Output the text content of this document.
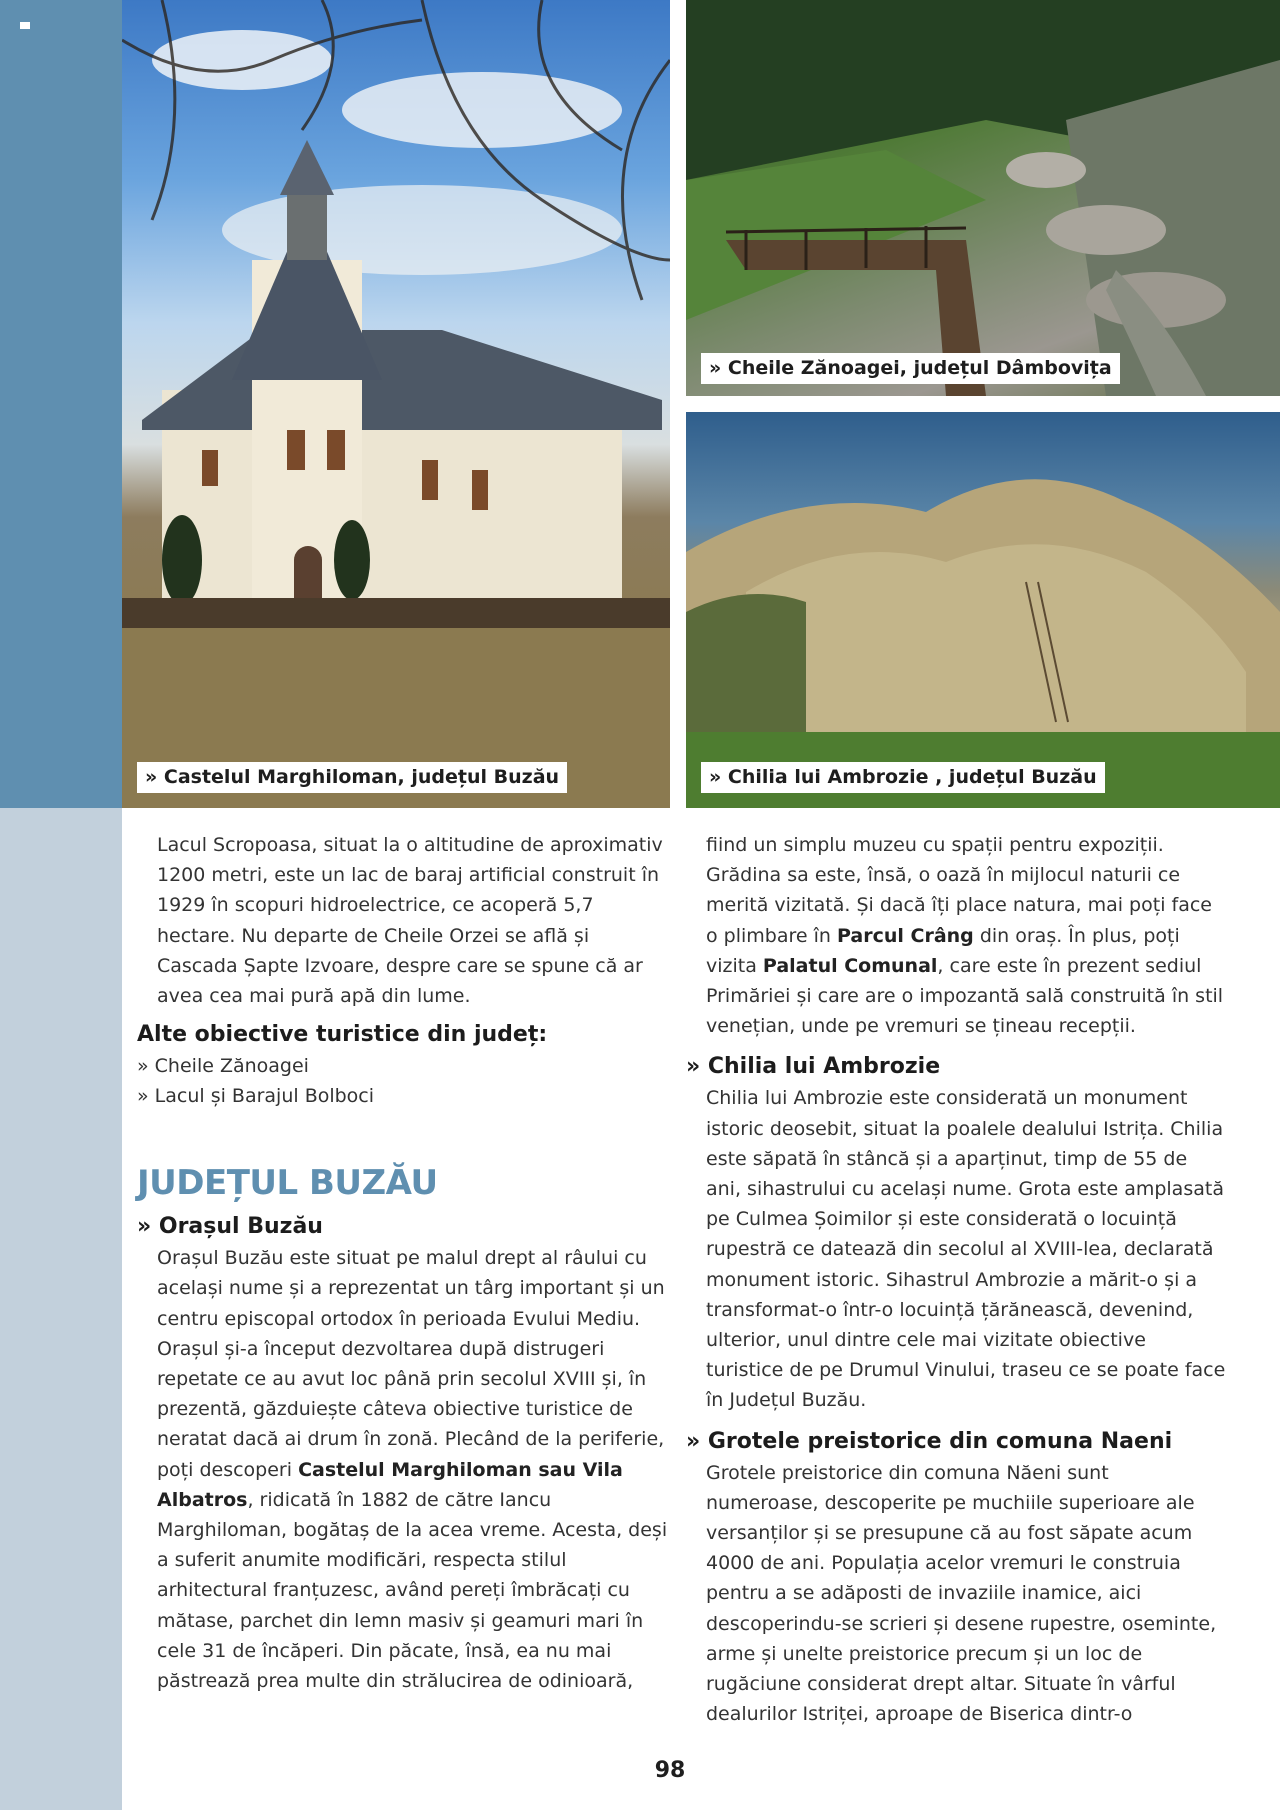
» Castelul Marghiloman, județul Buzău
» Cheile Zănoagei, județul Dâmbovița
» Chilia lui Ambrozie , județul Buzău

Lacul Scropoasa, situat la o altitudine de aproximativ 1200 metri, este un lac de baraj artificial construit în 1929 în scopuri hidroelectrice, ce acoperă 5,7 hectare. Nu departe de Cheile Orzei se află și Cascada Șapte Izvoare, despre care se spune că ar avea cea mai pură apă din lume.

Alte obiective turistice din județ:
» Cheile Zănoagei
» Lacul și Barajul Bolboci
JUDEȚUL BUZĂU
» Orașul Buzău

Orașul Buzău este situat pe malul drept al râului cu același nume și a reprezentat un târg important și un centru episcopal ortodox în perioada Evului Mediu. Orașul și-a început dezvoltarea după distrugeri repetate ce au avut loc până prin secolul XVIII și, în prezentă, găzduiește câteva obiective turistice de neratat dacă ai drum în zonă. Plecând de la periferie, poți descoperi Castelul Marghiloman sau Vila Albatros, ridicată în 1882 de către Iancu Marghiloman, bogătaș de la acea vreme. Acesta, deși a suferit anumite modificări, respecta stilul arhitectural franțuzesc, având pereți îmbrăcați cu mătase, parchet din lemn masiv și geamuri mari în cele 31 de încăperi. Din păcate, însă, ea nu mai păstrează prea multe din strălucirea de odinioară,

fiind un simplu muzeu cu spații pentru expoziții. Grădina sa este, însă, o oază în mijlocul naturii ce merită vizitată. Și dacă îți place natura, mai poți face o plimbare în Parcul Crâng din oraș. În plus, poți vizita Palatul Comunal, care este în prezent sediul Primăriei și care are o impozantă sală construită în stil venețian, unde pe vremuri se țineau recepții.

» Chilia lui Ambrozie

Chilia lui Ambrozie este considerată un monument istoric deosebit, situat la poalele dealului Istrița. Chilia este săpată în stâncă și a aparținut, timp de 55 de ani, sihastrului cu același nume. Grota este amplasată pe Culmea Șoimilor și este considerată o locuință rupestră ce datează din secolul al XVIII-lea, declarată monument istoric. Sihastrul Ambrozie a mărit-o și a transformat-o într-o locuință țărănească, devenind, ulterior, unul dintre cele mai vizitate obiective turistice de pe Drumul Vinului, traseu ce se poate face în Județul Buzău.

» Grotele preistorice din comuna Naeni

Grotele preistorice din comuna Năeni sunt numeroase, descoperite pe muchiile superioare ale versanților și se presupune că au fost săpate acum 4000 de ani. Populația acelor vremuri le construia pentru a se adăposti de invaziile inamice, aici descoperindu-se scrieri și desene rupestre, oseminte, arme și unelte preistorice precum și un loc de rugăciune considerat drept altar. Situate în vârful dealurilor Istriței, aproape de Biserica dintr-o

98
